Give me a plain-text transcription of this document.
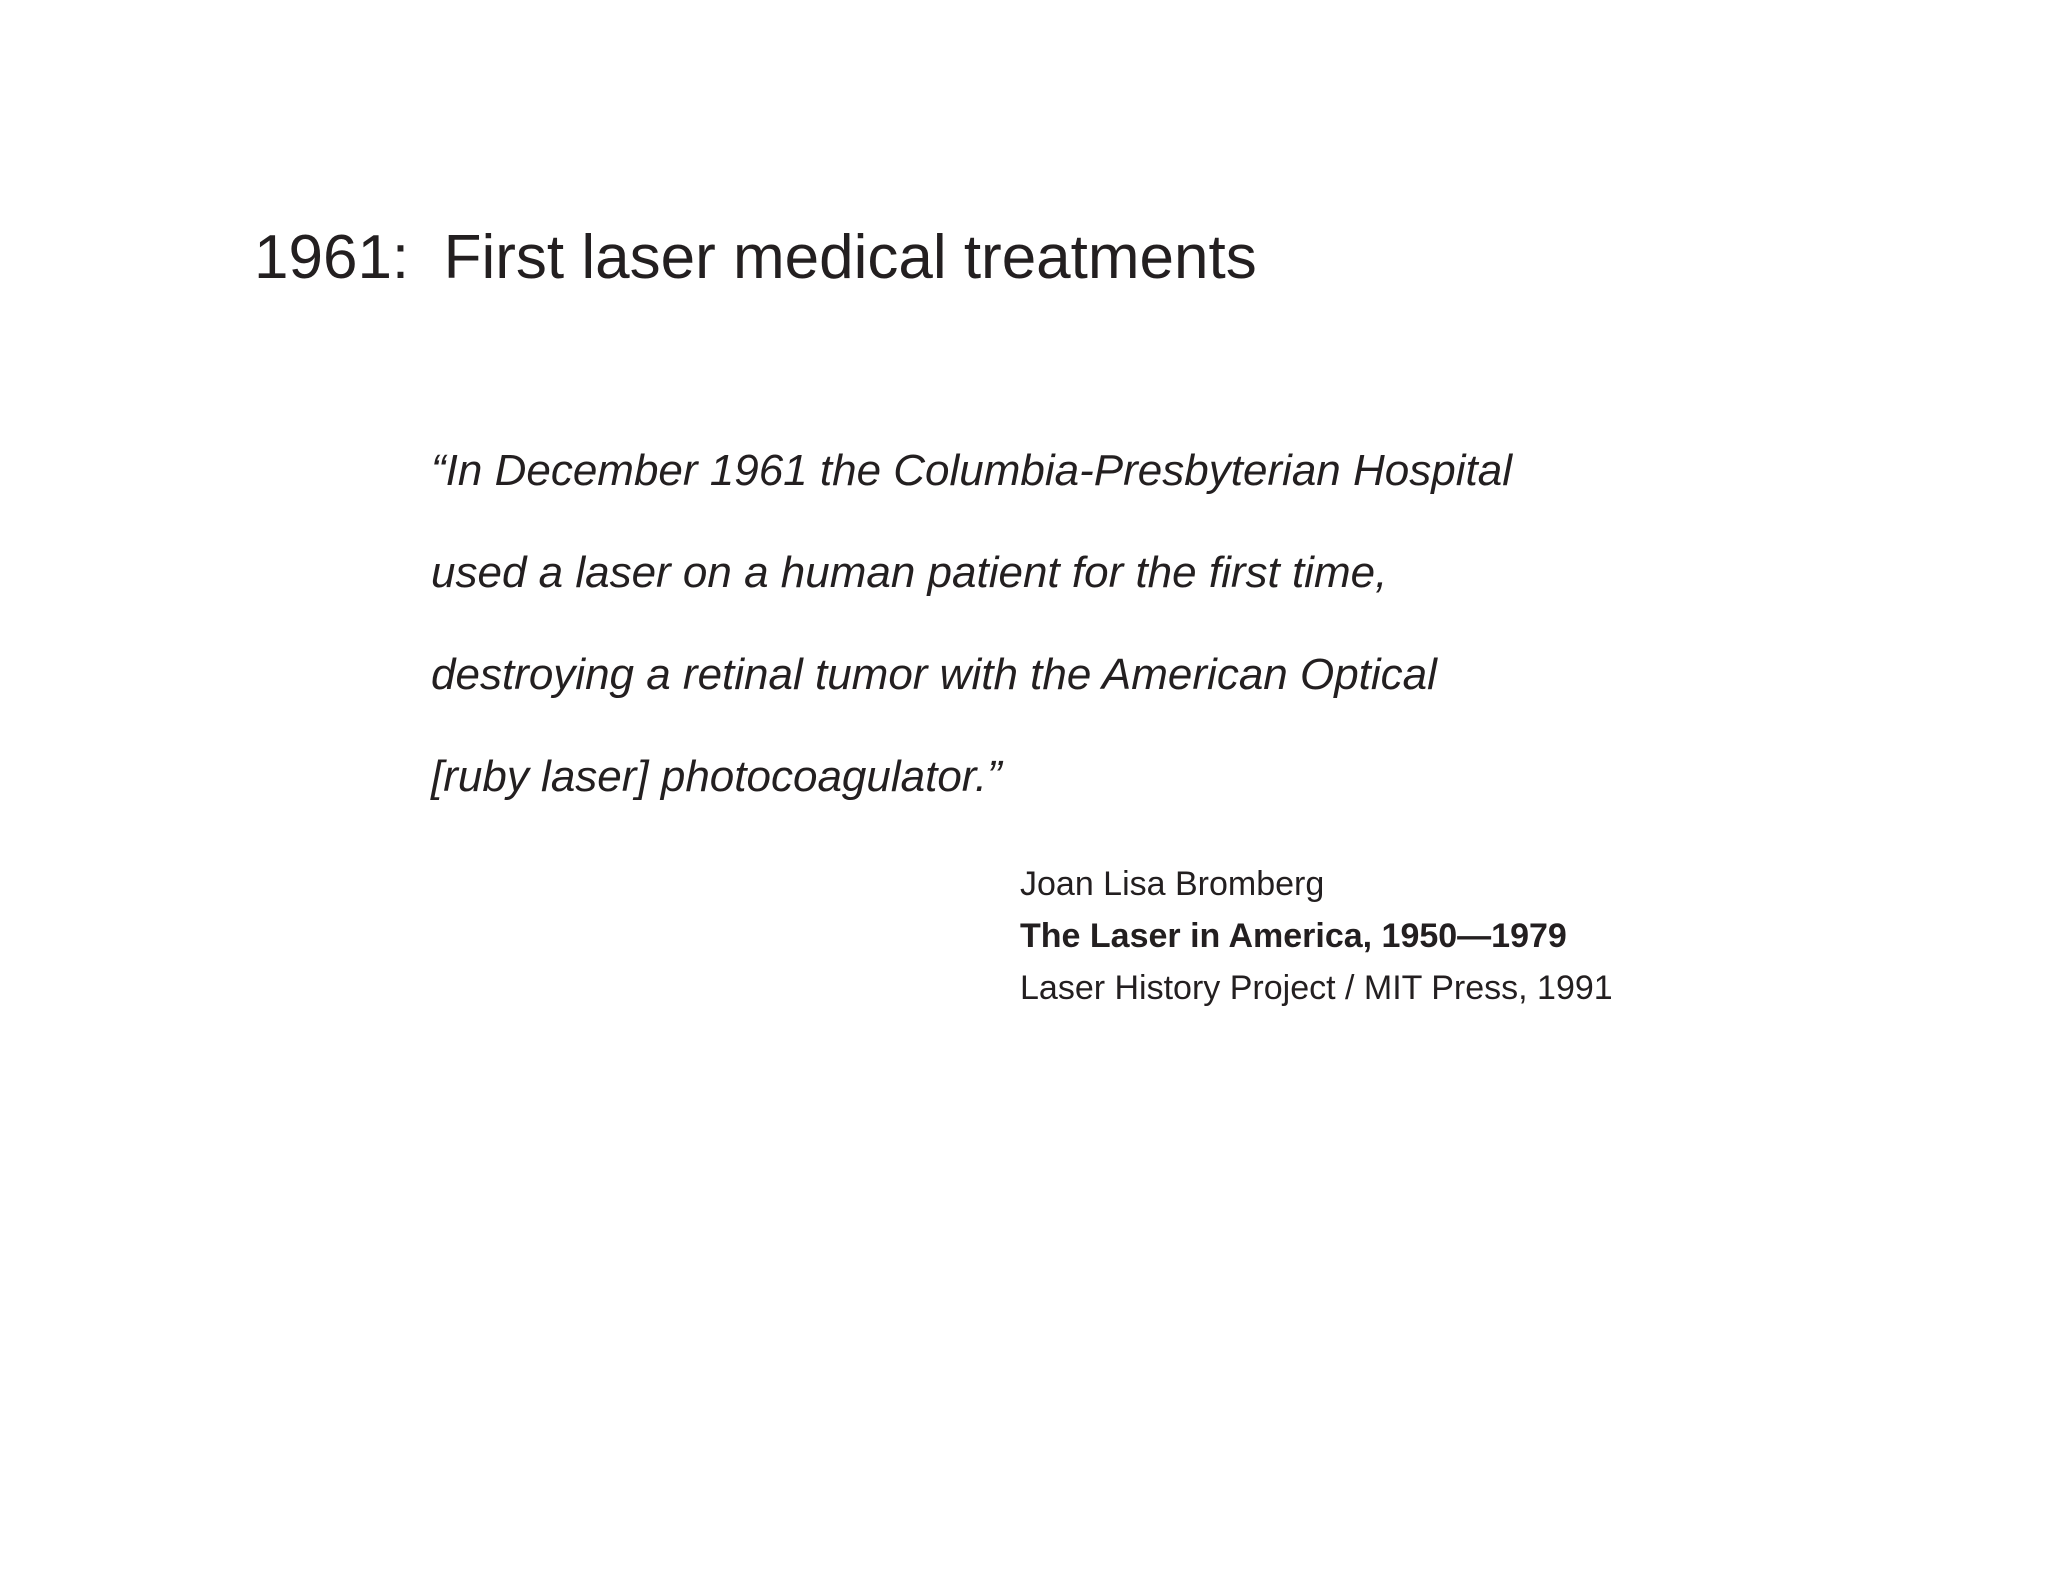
1961:  First laser medical treatments
“In December 1961 the Columbia-Presbyterian Hospital
used a laser on a human patient for the first time,
destroying a retinal tumor with the American Optical
[ruby laser] photocoagulator.”
Joan Lisa Bromberg
The Laser in America, 1950—1979
Laser History Project / MIT Press, 1991
